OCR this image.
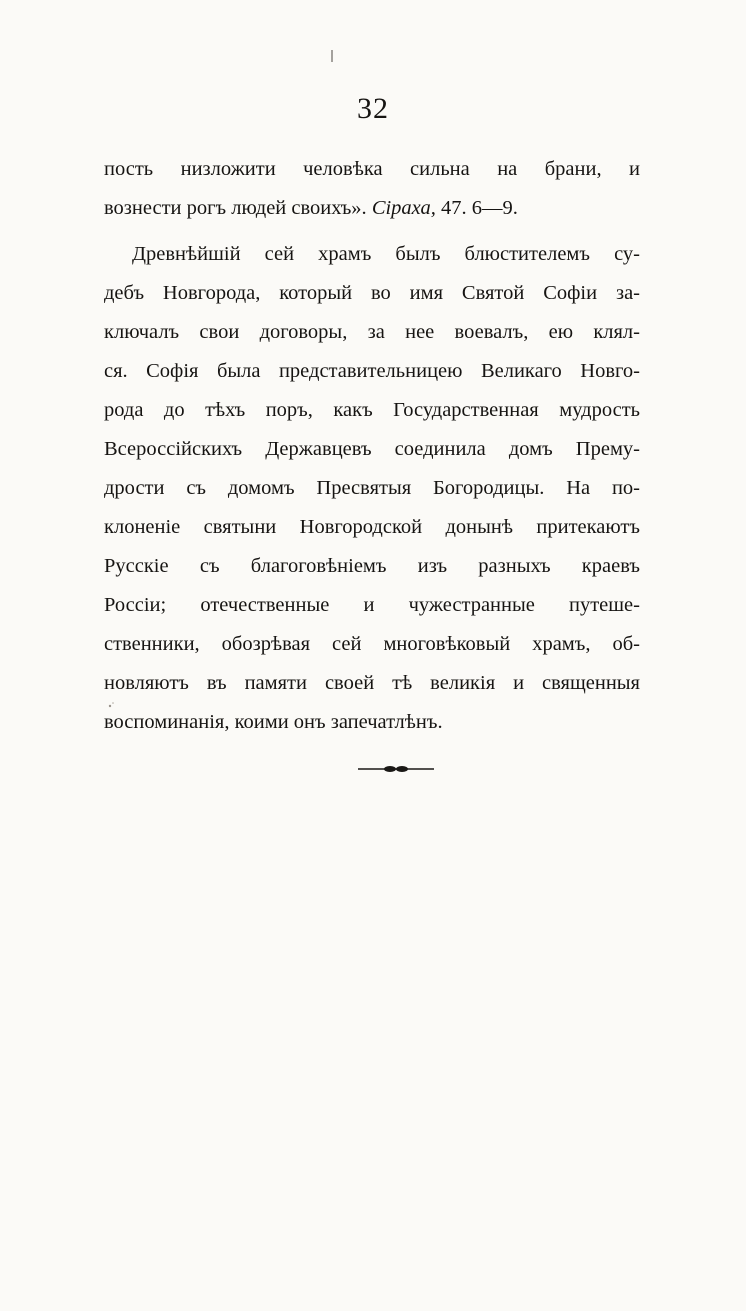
32
пость низложити человѣка сильна на брани, и
вознести рогъ людей своихъ». Сiраха, 47. 6—9.
Древнѣйшiй сей храмъ былъ блюстителемъ су-
дебъ Новгорода, который во имя Святой Софiи за-
ключалъ свои договоры, за нее воевалъ, ею клял-
ся. Софiя была представительницею Великаго Новго-
рода до тѣхъ поръ, какъ Государственная мудрость
Всероссiйскихъ Державцевъ соединила домъ Прему-
дрости съ домомъ Пресвятыя Богородицы. На по-
клоненiе святыни Новгородской донынѣ притекаютъ
Русскiе съ благоговѣнiемъ изъ разныхъ краевъ
Россiи; отечественные и чужестранные путеше-
ственники, обозрѣвая сей многовѣковый храмъ, об-
новляютъ въ памяти своей тѣ великiя и священныя
воспоминанiя, коими онъ запечатлѣнъ.
